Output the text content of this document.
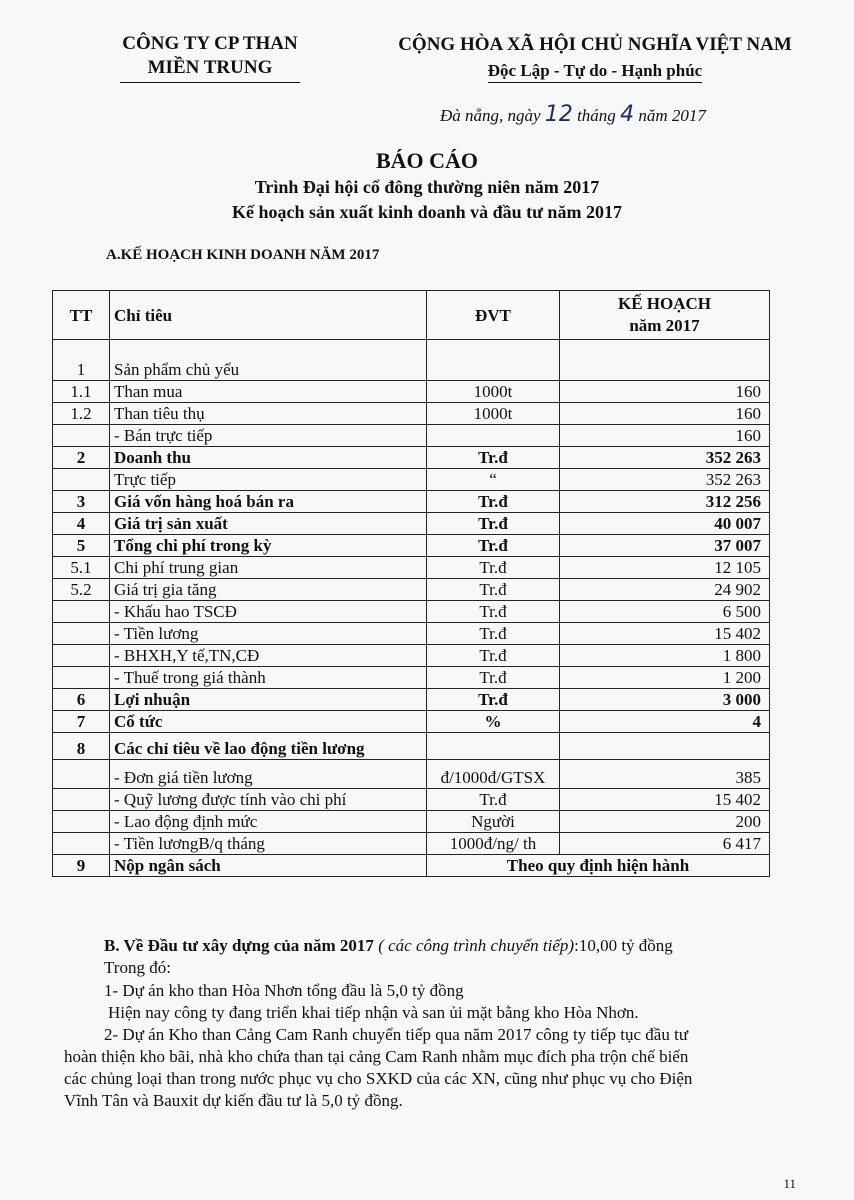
CÔNG TY CP THAN
MIỀN TRUNG
CỘNG HÒA XÃ HỘI CHỦ NGHĨA VIỆT NAM
Độc Lập - Tự do - Hạnh phúc
Đà nẵng, ngày 12 tháng 4 năm 2017
BÁO CÁO
Trình Đại hội cổ đông thường niên năm 2017
Kế hoạch sản xuất kinh doanh và đầu tư năm 2017
A.KẾ HOẠCH KINH DOANH NĂM 2017
TT	Chỉ tiêu	ĐVT	KẾ HOẠCH
năm 2017

1	Sản phẩm chủ yếu		
1.1	Than mua	1000t	160
1.2	Than tiêu thụ	1000t	160
	- Bán trực tiếp		160
2	Doanh thu	Tr.đ	352 263
	Trực tiếp	“	352 263
3	Giá vốn hàng hoá bán ra	Tr.đ	312 256
4	Giá trị sản xuất	Tr.đ	40 007
5	Tổng chi phí trong kỳ	Tr.đ	37 007
5.1	Chi phí trung gian	Tr.đ	12 105
5.2	Giá trị gia tăng	Tr.đ	24 902
	- Khấu hao TSCĐ	Tr.đ	6 500
	- Tiền lương	Tr.đ	15 402
	- BHXH,Y tế,TN,CĐ	Tr.đ	1 800
	- Thuế trong giá thành	Tr.đ	1 200
6	Lợi nhuận	Tr.đ	3 000
7	Cổ tức	%	4
8	Các chỉ tiêu về lao động tiền lương		
	- Đơn giá tiền lương	đ/1000đ/GTSX	385
	- Quỹ lương được tính vào chi phí	Tr.đ	15 402
	- Lao động định mức	Người	200
	- Tiền lươngB/q tháng	1000đ/ng/ th	6 417
9	Nộp ngân sách	Theo quy định hiện hành	
B. Về Đầu tư xây dựng của năm 2017 ( các công trình chuyển tiếp):10,00 tỷ đồng
Trong đó:
1- Dự án kho than Hòa Nhơn tổng đầu là 5,0 tỷ đồng
Hiện nay công ty đang triển khai tiếp nhận và san ủi mặt bằng kho Hòa Nhơn.
2- Dự án Kho than Cảng Cam Ranh chuyển tiếp qua năm 2017 công ty tiếp tục đầu tư
hoàn thiện kho bãi, nhà kho chứa than tại cảng Cam Ranh nhằm mục đích pha trộn chế biến
các chủng loại than trong nước phục vụ cho SXKD của các XN, cũng như phục vụ cho Điện
Vĩnh Tân và Bauxit dự kiến đầu tư là 5,0 tỷ đồng.
11
